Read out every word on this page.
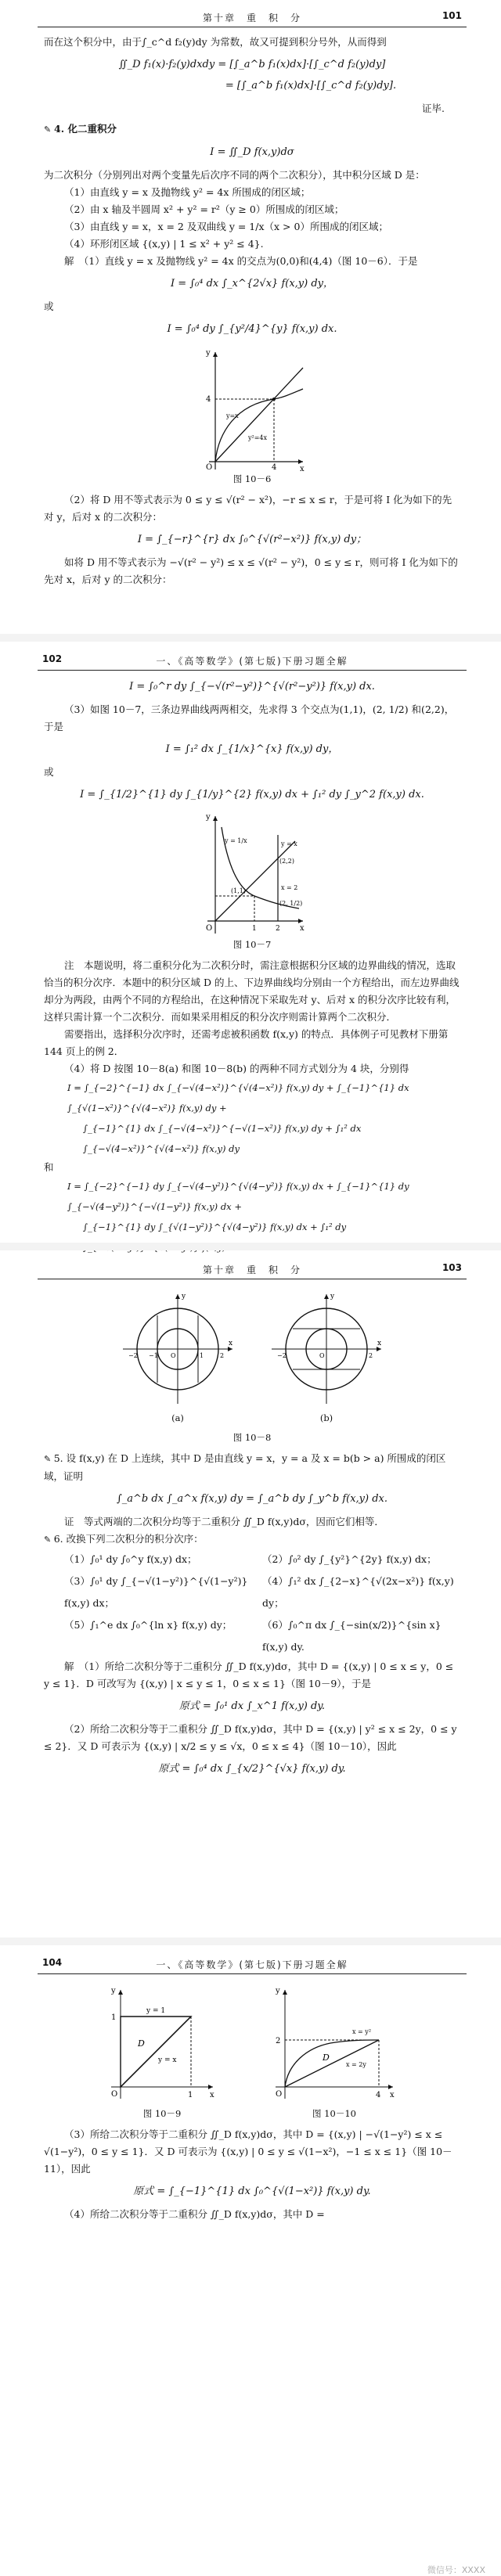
第十章　重　积　分	101

而在这个积分中，由于∫_c^d f₂(y)dy 为常数，故又可提到积分号外，从而得到

∬_D f₁(x)·f₂(y)dxdy = [∫_a^b f₁(x)dx]·[∫_c^d f₂(y)dy]
= [∫_a^b f₁(x)dx]·[∫_c^d f₂(y)dy].

证毕.

✎ 4. 化二重积分

I = ∬_D f(x,y)dσ

为二次积分（分别列出对两个变量先后次序不同的两个二次积分），其中积分区域 D 是：

（1）由直线 y = x 及抛物线 y² = 4x 所围成的闭区域；

（2）由 x 轴及半圆周 x² + y² = r²（y ≥ 0）所围成的闭区域；

（3）由直线 y = x，x = 2 及双曲线 y = 1/x（x > 0）所围成的闭区域；

（4）环形闭区域 {(x,y) | 1 ≤ x² + y² ≤ 4}.

解　（1）直线 y = x 及抛物线 y² = 4x 的交点为(0,0)和(4,4)（图 10－6）．于是

I = ∫₀⁴ dx ∫_x^{2√x} f(x,y) dy，

或

I = ∫₀⁴ dy ∫_{y²/4}^{y} f(x,y) dx.
y
x
O	4
4
y=x
y²=4x
图 10－6

（2）将 D 用不等式表示为 0 ≤ y ≤ √(r² − x²)，−r ≤ x ≤ r，于是可将 I 化为如下的先对 y，后对 x 的二次积分：

I = ∫_{−r}^{r} dx ∫₀^{√(r²−x²)} f(x,y) dy；

如将 D 用不等式表示为 −√(r² − y²) ≤ x ≤ √(r² − y²)，0 ≤ y ≤ r，则可将 I 化为如下的先对 x，后对 y 的二次积分：

102	一、《高等数学》(第七版)下册习题全解
I = ∫₀^r dy ∫_{−√(r²−y²)}^{√(r²−y²)} f(x,y) dx.

（3）如图 10－7，三条边界曲线两两相交，先求得 3 个交点为(1,1)，(2, 1/2) 和(2,2)，于是

I = ∫₁² dx ∫_{1/x}^{x} f(x,y) dy，

或

I = ∫_{1/2}^{1} dy ∫_{1/y}^{2} f(x,y) dx + ∫₁² dy ∫_y^2 f(x,y) dx.
y
x
O
y = 1/x	y = x
(2,2)
(1,1)	x = 2
(2, 1/2)
1	2
图 10－7

注　本题说明，将二重积分化为二次积分时，需注意根据积分区域的边界曲线的情况，选取恰当的积分次序．本题中的积分区域 D 的上、下边界曲线均分别由一个方程给出，而左边界曲线却分为两段，由两个不同的方程给出，在这种情况下采取先对 y、后对 x 的积分次序比较有利，这样只需计算一个二次积分．而如果采用相反的积分次序则需计算两个二次积分．

需要指出，选择积分次序时，还需考虑被积函数 f(x,y) 的特点．具体例子可见教材下册第 144 页上的例 2．

（4）将 D 按图 10－8(a) 和图 10－8(b) 的两种不同方式划分为 4 块，分别得

I = ∫_{−2}^{−1} dx ∫_{−√(4−x²)}^{√(4−x²)} f(x,y) dy + ∫_{−1}^{1} dx ∫_{√(1−x²)}^{√(4−x²)} f(x,y) dy +
∫_{−1}^{1} dx ∫_{−√(4−x²)}^{−√(1−x²)} f(x,y) dy + ∫₁² dx ∫_{−√(4−x²)}^{√(4−x²)} f(x,y) dy

和

I = ∫_{−2}^{−1} dy ∫_{−√(4−y²)}^{√(4−y²)} f(x,y) dx + ∫_{−1}^{1} dy ∫_{−√(4−y²)}^{−√(1−y²)} f(x,y) dx +
∫_{−1}^{1} dy ∫_{√(1−y²)}^{√(4−y²)} f(x,y) dx + ∫₁² dy
第十章　重　积　分	103
−2 −1 O	1	2
x
y
(a)
−2	O	2
x
y
(b)
图 10－8

✎ 5. 设 f(x,y) 在 D 上连续，其中 D 是由直线 y = x，y = a 及 x = b(b > a) 所围成的闭区域，证明

∫_a^b dx ∫_a^x f(x,y) dy = ∫_a^b dy ∫_y^b f(x,y) dx.

证　等式两端的二次积分均等于二重积分 ∬_D f(x,y)dσ，因而它们相等．

✎ 6. 改换下列二次积分的积分次序：

（1）∫₀¹ dy ∫₀^y f(x,y) dx；	（2）∫₀² dy ∫_{y²}^{2y} f(x,y) dx；

（3）∫₀¹ dy ∫_{−√(1−y²)}^{√(1−y²)} f(x,y) dx；

（4）∫₁² dx ∫_{2−x}^{√(2x−x²)} f(x,y) dy；

（5）∫₁^e dx ∫₀^{ln x} f(x,y) dy；	（6）∫₀^π dx ∫_{−sin(x/2)}^{sin x} f(x,y) dy.

解　（1）所给二次积分等于二重积分 ∬_D f(x,y)dσ，其中 D = {(x,y) | 0 ≤ x ≤ y，0 ≤ y ≤ 1}．D 可改写为 {(x,y) | x ≤ y ≤ 1，0 ≤ x ≤ 1}（图 10－9），于是

原式 = ∫₀¹ dx ∫_x^1 f(x,y) dy.

（2）所给二次积分等于二重积分 ∬_D f(x,y)dσ，其中 D = {(x,y) | y² ≤ x ≤ 2y，0 ≤ y ≤ 2}．又 D 可表示为 {(x,y) | x/2 ≤ y ≤ √x，0 ≤ x ≤ 4}（图 10－10），因此

原式 = ∫₀⁴ dx ∫_{x/2}^{√x} f(x,y) dy.
104	一、《高等数学》(第七版)下册习题全解
y
x
O	1
1
y = 1
D
y = x
图 10－9
y
x
O
2
4
D
x = y²
x = 2y
图 10－10

（3）所给二次积分等于二重积分 ∬_D f(x,y)dσ，其中 D = {(x,y) | −√(1−y²) ≤ x ≤ √(1−y²)，0 ≤ y ≤ 1}．又 D 可表示为 {(x,y) | 0 ≤ y ≤ √(1−x²)，−1 ≤ x ≤ 1}（图 10－11），因此

原式 = ∫_{−1}^{1} dx ∫₀^{√(1−x²)} f(x,y) dy.

（4）所给二次积分等于二重积分 ∬_D f(x,y)dσ，其中 D =

微信号：XXXX
